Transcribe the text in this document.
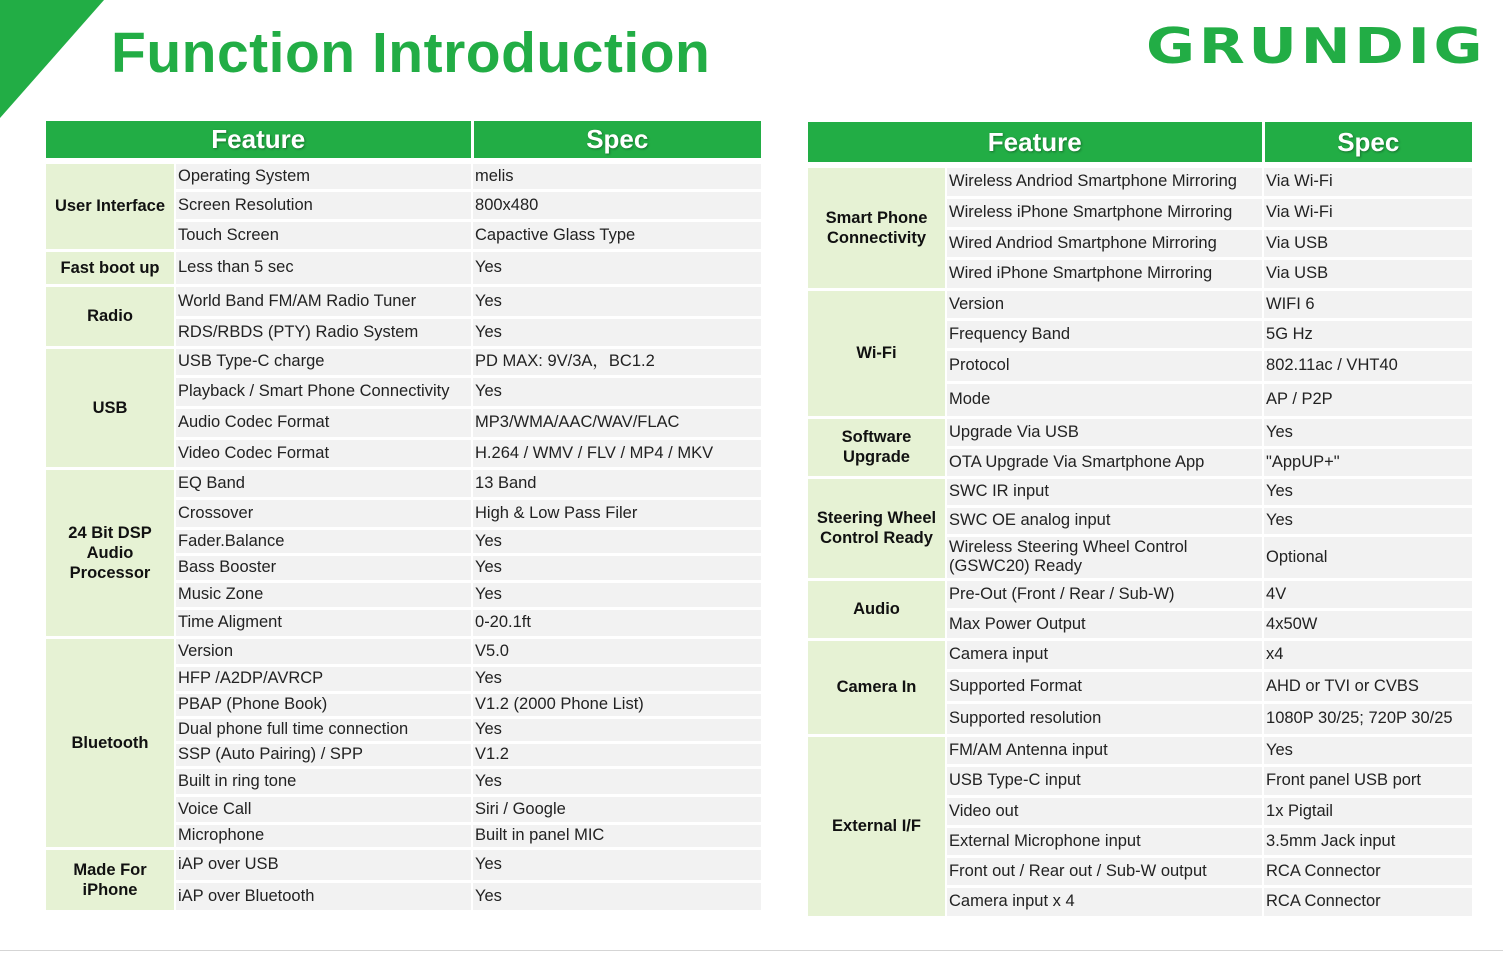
Function Introduction	GRUNDIG
Feature		Spec
User Interface	Operating System	melis
	Screen Resolution	800x480
	Touch Screen	Capactive Glass Type
Fast boot up	Less than 5 sec	Yes
Radio	World Band FM/AM Radio Tuner	Yes
	RDS/RBDS (PTY) Radio System	Yes
USB	USB Type-C charge	PD MAX: 9V/3A，BC1.2
	Playback / Smart Phone Connectivity	Yes
	Audio Codec Format	MP3/WMA/AAC/WAV/FLAC
	Video Codec Format	H.264 / WMV / FLV / MP4 / MKV
24 Bit DSP Audio Processor	EQ Band	13 Band
	Crossover	High & Low Pass Filer
	Fader.Balance	Yes
	Bass Booster	Yes
	Music Zone	Yes
	Time Aligment	0-20.1ft
Bluetooth	Version	V5.0
	HFP /A2DP/AVRCP	Yes
	PBAP (Phone Book)	V1.2 (2000 Phone List)
	Dual phone full time connection	Yes
	SSP (Auto Pairing) / SPP	V1.2
	Built in ring tone	Yes
	Voice Call	Siri / Google
	Microphone	Built in panel MIC
Made For iPhone	iAP over USB	Yes
	iAP over Bluetooth	Yes
Feature		Spec
Smart Phone Connectivity	Wireless Andriod Smartphone Mirroring	Via Wi-Fi
	Wireless iPhone Smartphone Mirroring	Via Wi-Fi
	Wired Andriod Smartphone Mirroring	Via USB
	Wired iPhone Smartphone Mirroring	Via USB
Wi-Fi	Version	WIFI 6
	Frequency Band	5G Hz
	Protocol	802.11ac / VHT40
	Mode	AP / P2P
Software Upgrade	Upgrade Via USB	Yes
	OTA Upgrade Via Smartphone App	"AppUP+"
Steering Wheel Control Ready	SWC IR input	Yes
	SWC OE analog input	Yes
	Wireless Steering Wheel Control (GSWC20) Ready	Optional
Audio	Pre-Out (Front / Rear / Sub-W)	4V
	Max Power Output	4x50W
Camera In	Camera input	x4
	Supported Format	AHD or TVI or CVBS
	Supported resolution	1080P 30/25; 720P 30/25
External I/F	FM/AM Antenna input	Yes
	USB Type-C input	Front panel USB port
	Video out	1x Pigtail
	External Microphone input	3.5mm Jack input
	Front out / Rear out / Sub-W output	RCA Connector
	Camera input x 4	RCA Connector
